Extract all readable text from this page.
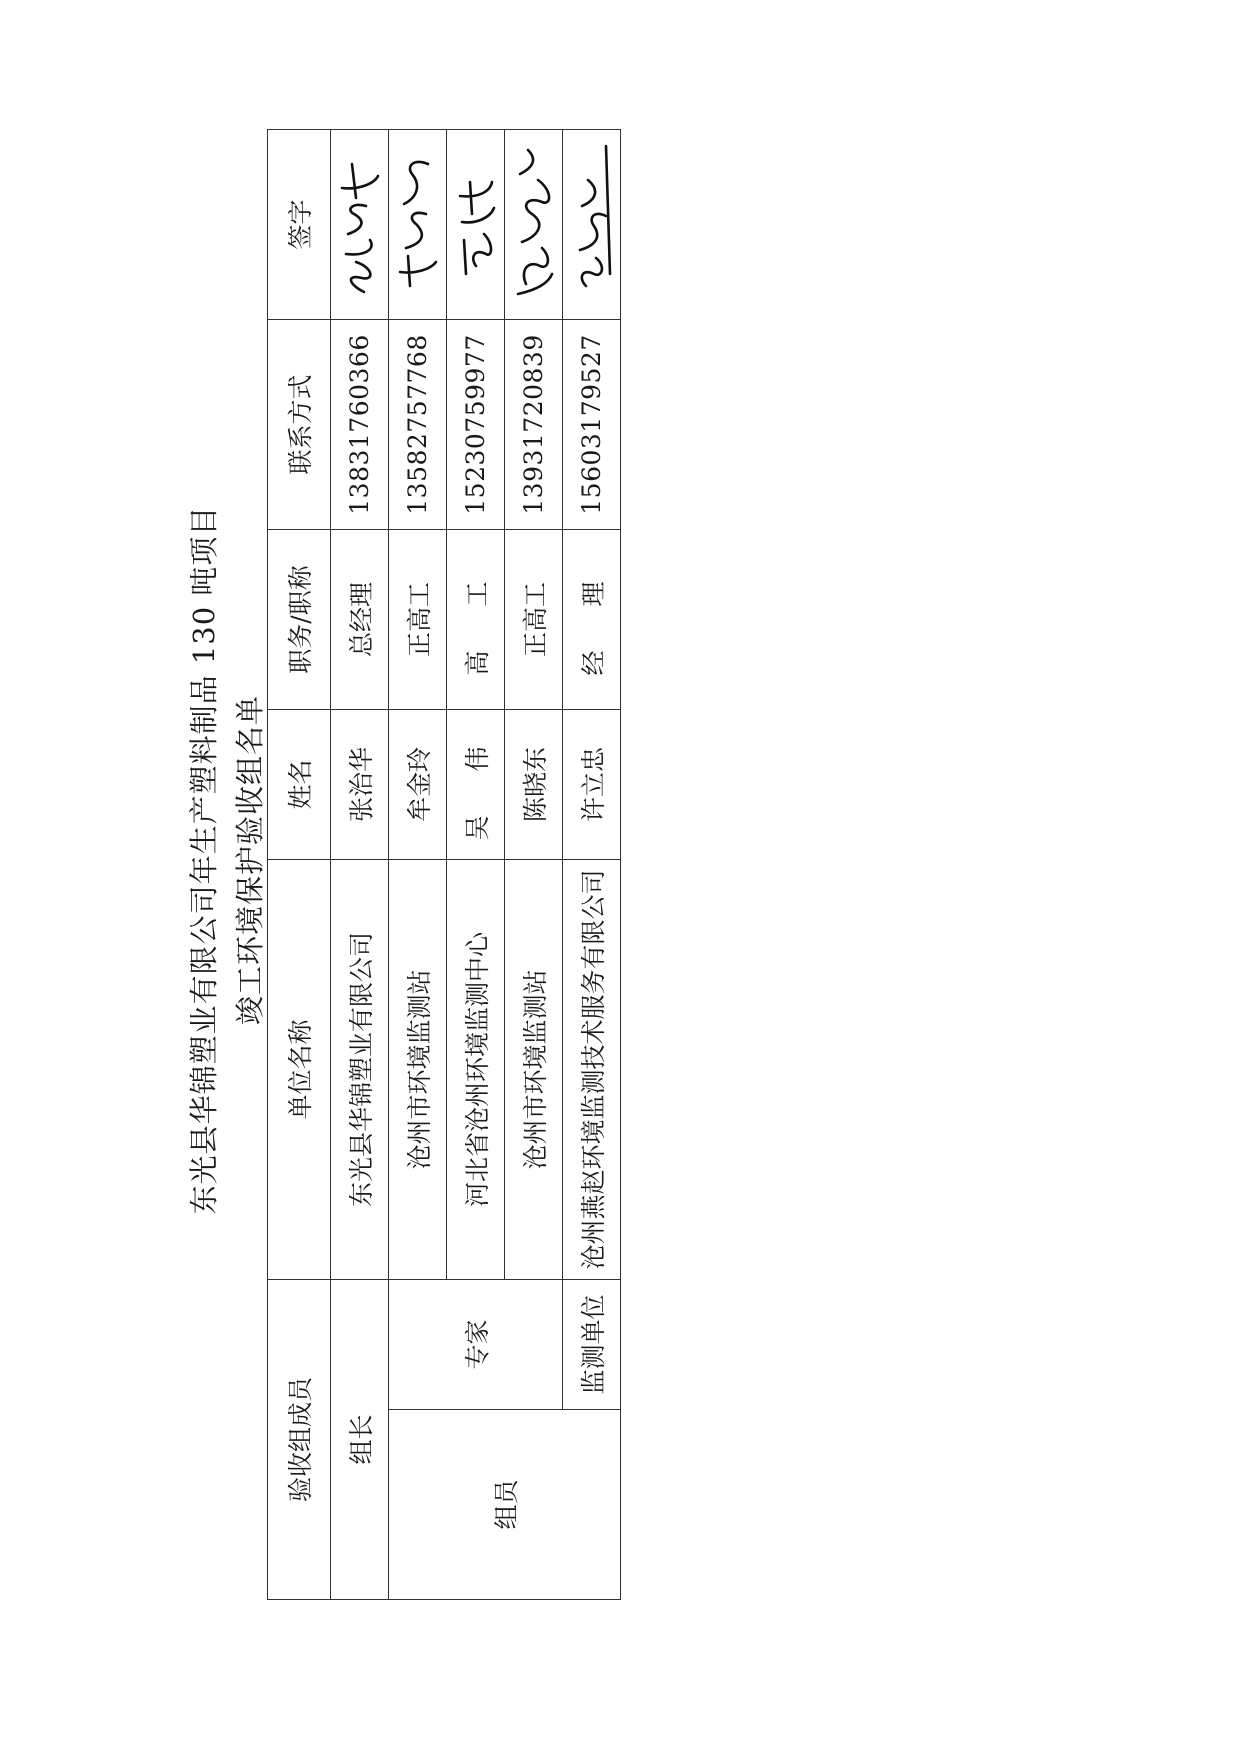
东光县华锦塑业有限公司年生产塑料制品 130 吨项目 竣工环境保护验收组名单
验收组成员		单位名称	姓名	职务/职称	联系方式	签字
组长		东光县华锦塑业有限公司	张治华	总经理	13831760366	

组员	专家	沧州市环境监测站	牟金玲	正高工	13582757768	

		河北省沧州环境监测中心	吴 伟	高 工	15230759977	

		沧州市环境监测站	陈晓东	正高工	13931720839	

	监测单位	沧州燕赵环境监测技术服务有限公司	许立忠	经 理	15603179527	
